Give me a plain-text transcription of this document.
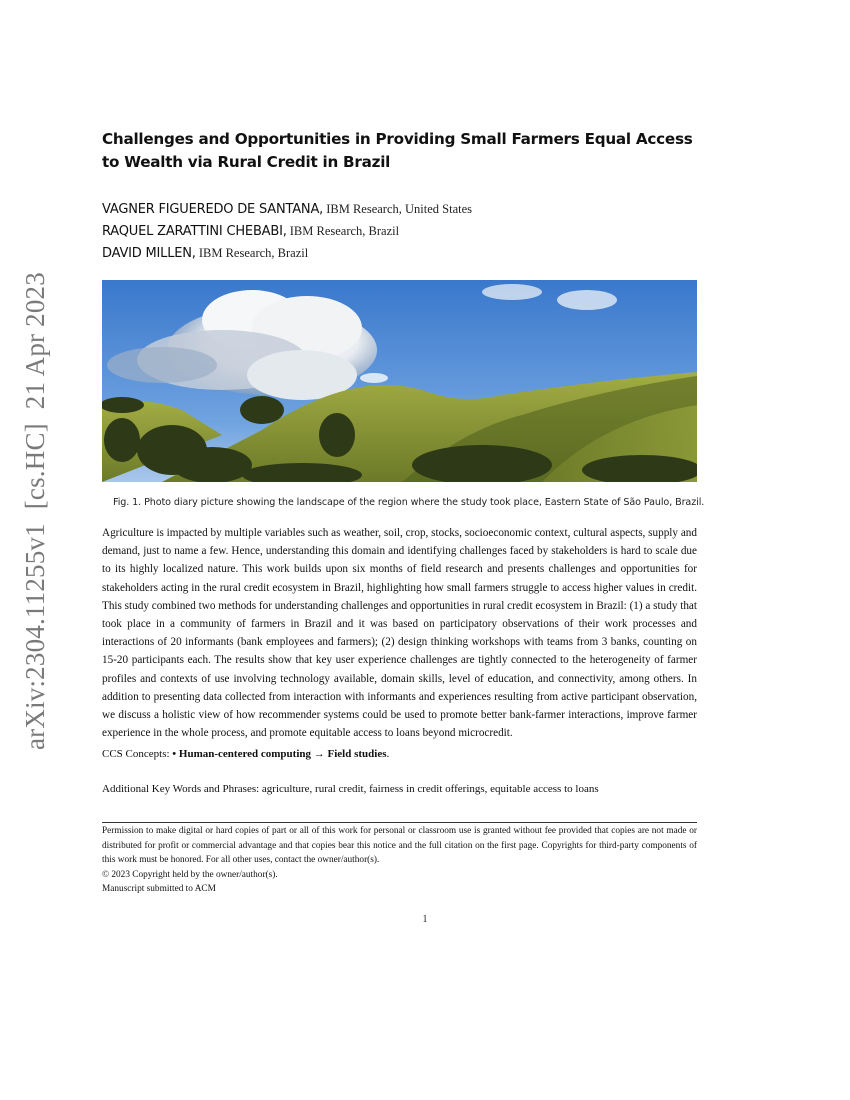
arXiv:2304.11255v1  [cs.HC]  21 Apr 2023
Challenges and Opportunities in Providing Small Farmers Equal Access to Wealth via Rural Credit in Brazil
VAGNER FIGUEREDO DE SANTANA, IBM Research, United States
RAQUEL ZARATTINI CHEBABI, IBM Research, Brazil
DAVID MILLEN, IBM Research, Brazil
Fig. 1. Photo diary picture showing the landscape of the region where the study took place, Eastern State of São Paulo, Brazil.
Agriculture is impacted by multiple variables such as weather, soil, crop, stocks, socioeconomic context, cultural aspects, supply and demand, just to name a few. Hence, understanding this domain and identifying challenges faced by stakeholders is hard to scale due to its highly localized nature. This work builds upon six months of field research and presents challenges and opportunities for stakeholders acting in the rural credit ecosystem in Brazil, highlighting how small farmers struggle to access higher values in credit. This study combined two methods for understanding challenges and opportunities in rural credit ecosystem in Brazil: (1) a study that took place in a community of farmers in Brazil and it was based on participatory observations of their work processes and interactions of 20 informants (bank employees and farmers); (2) design thinking workshops with teams from 3 banks, counting on 15-20 participants each. The results show that key user experience challenges are tightly connected to the heterogeneity of farmer profiles and contexts of use involving technology available, domain skills, level of education, and connectivity, among others. In addition to presenting data collected from interaction with informants and experiences resulting from active participant observation, we discuss a holistic view of how recommender systems could be used to promote better bank-farmer interactions, improve farmer experience in the whole process, and promote equitable access to loans beyond microcredit.
CCS Concepts: • Human-centered computing → Field studies.
Additional Key Words and Phrases: agriculture, rural credit, fairness in credit offerings, equitable access to loans
Permission to make digital or hard copies of part or all of this work for personal or classroom use is granted without fee provided that copies are not made or distributed for profit or commercial advantage and that copies bear this notice and the full citation on the first page. Copyrights for third-party components of this work must be honored. For all other uses, contact the owner/author(s).
© 2023 Copyright held by the owner/author(s).
Manuscript submitted to ACM
1
